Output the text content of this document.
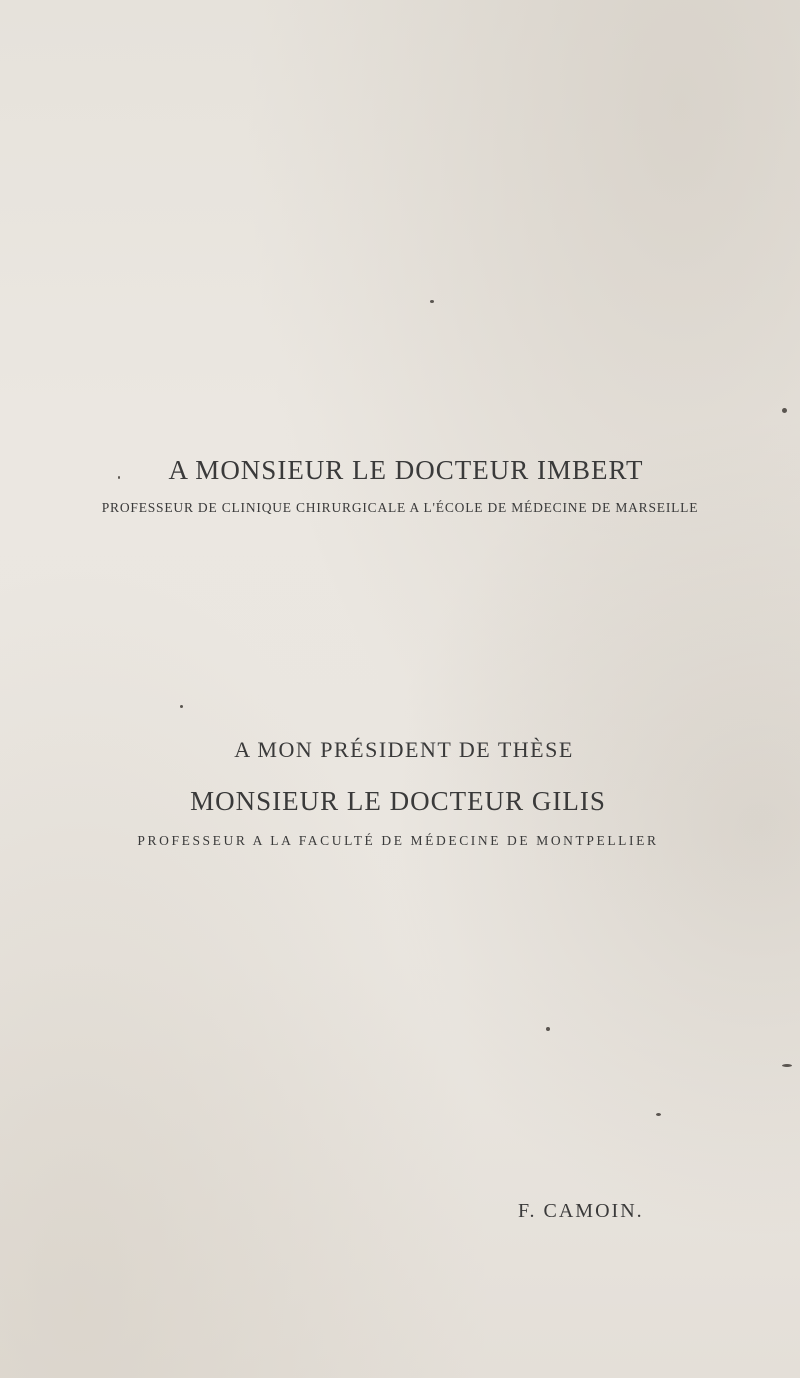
A MONSIEUR LE DOCTEUR IMBERT
PROFESSEUR DE CLINIQUE CHIRURGICALE A L'ÉCOLE DE MÉDECINE DE MARSEILLE
A MON PRÉSIDENT DE THÈSE
MONSIEUR LE DOCTEUR GILIS
PROFESSEUR A LA FACULTÉ DE MÉDECINE DE MONTPELLIER
F. CAMOIN.
